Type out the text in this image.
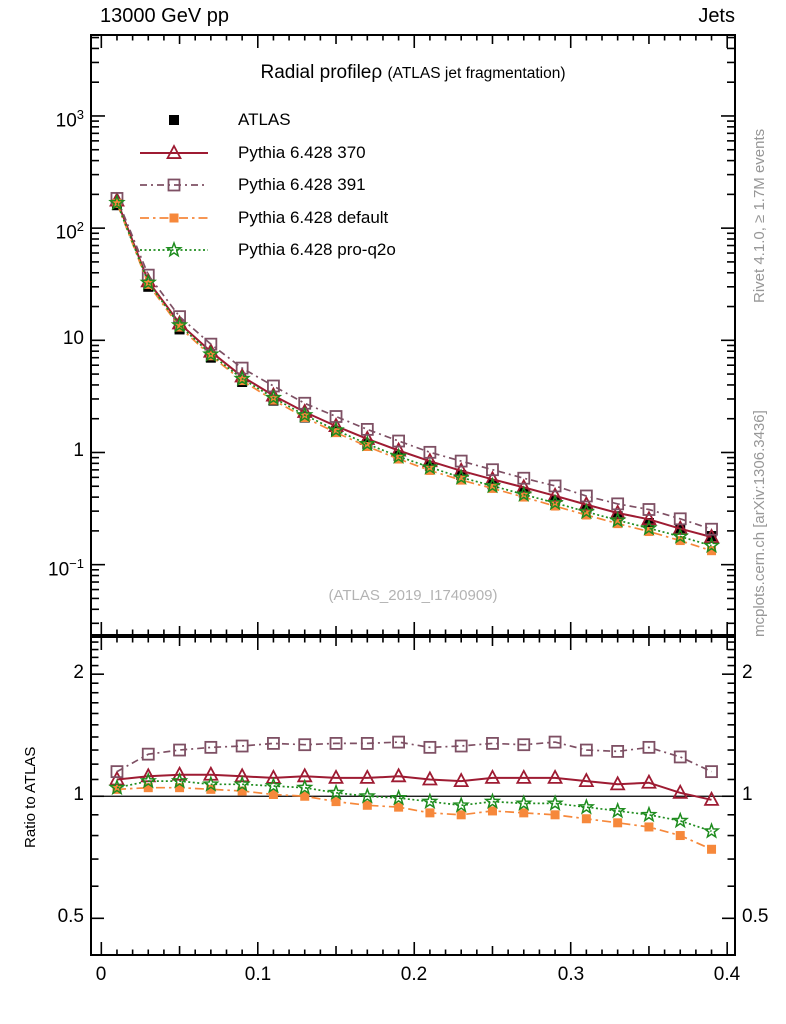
13000 GeV pp	Jets
Radial profileρ (ATLAS jet fragmentation)
(ATLAS_2019_I1740909)
Rivet 4.1.0, ≥ 1.7M events
mcplots.cern.ch [arXiv:1306.3436]
Ratio to ATLAS
ATLAS
Pythia 6.428 370
Pythia 6.428 391
Pythia 6.428 default
Pythia 6.428 pro-q2o
$10^3$
$10^2$
10
1
$10^{-1}$
2	2
1	1
0.5	0.5
0	0.1	0.2	0.3	0.4
